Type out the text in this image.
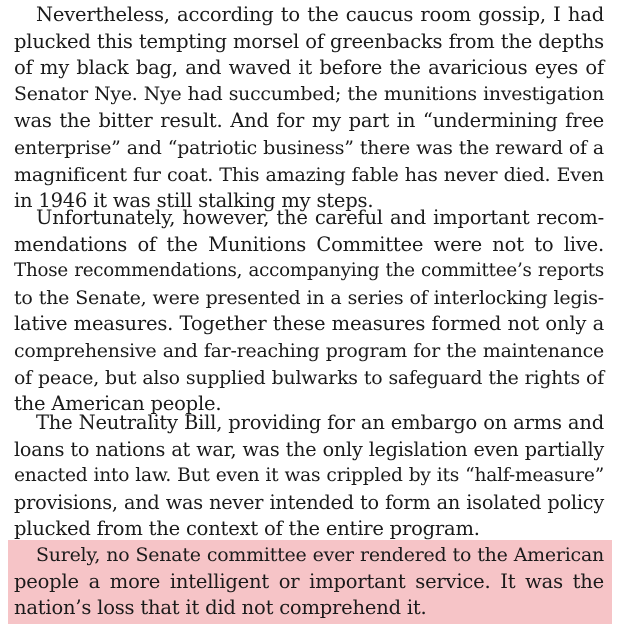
Nevertheless, according to the caucus room gossip, I had
plucked this tempting morsel of greenbacks from the depths
of my black bag, and waved it before the avaricious eyes of
Senator Nye. Nye had succumbed; the munitions investigation
was the bitter result. And for my part in “undermining free
enterprise” and “patriotic business” there was the reward of a
magnificent fur coat. This amazing fable has never died. Even
in 1946 it was still stalking my steps.
Unfortunately, however, the careful and important recom-
mendations of the Munitions Committee were not to live.
Those recommendations, accompanying the committee’s reports
to the Senate, were presented in a series of interlocking legis-
lative measures. Together these measures formed not only a
comprehensive and far-reaching program for the maintenance
of peace, but also supplied bulwarks to safeguard the rights of
the American people.
The Neutrality Bill, providing for an embargo on arms and
loans to nations at war, was the only legislation even partially
enacted into law. But even it was crippled by its “half-measure”
provisions, and was never intended to form an isolated policy
plucked from the context of the entire program.
Surely, no Senate committee ever rendered to the American
people a more intelligent or important service. It was the
nation’s loss that it did not comprehend it.
